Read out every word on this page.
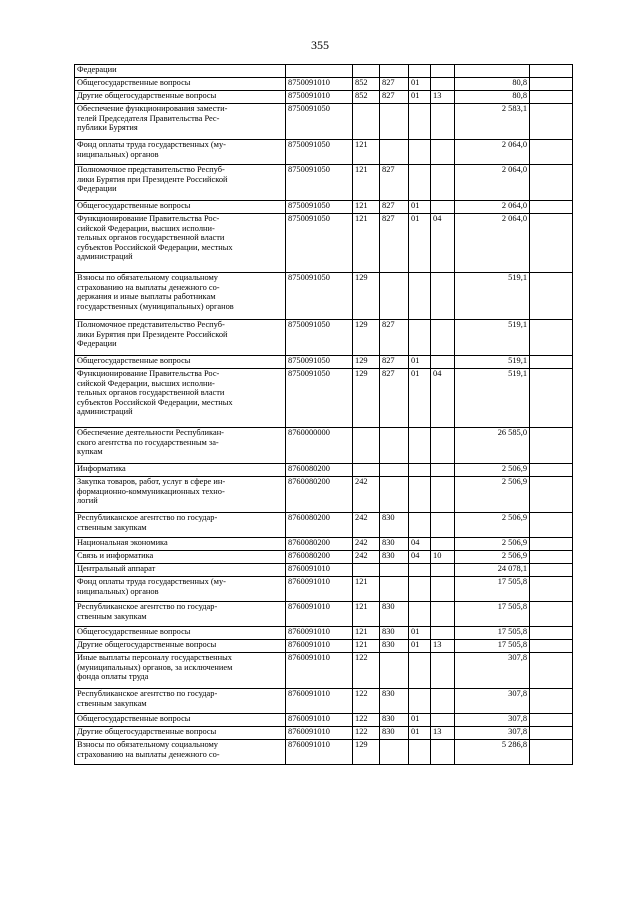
355
Федерации							

Общегосударственные вопросы	8750091010	852	827	01		80,8	

Другие общегосударственные вопросы	8750091010	852	827	01	13	80,8	

Обеспечение функционирования замести-
телей Председателя Правительства Рес-
публики Бурятия	8750091050					2 583,1	

Фонд оплаты труда государственных (му-
ниципальных) органов	8750091050	121				2 064,0	

Полномочное представительство Респуб-
лики Бурятия при Президенте Российской
Федерации	8750091050	121	827			2 064,0	

Общегосударственные вопросы	8750091050	121	827	01		2 064,0	

Функционирование Правительства Рос-
сийской Федерации, высших исполни-
тельных органов государственной власти
субъектов Российской Федерации, местных
администраций	8750091050	121	827	01	04	2 064,0	

Взносы по обязательному социальному
страхованию на выплаты денежного со-
держания и иные выплаты работникам
государственных (муниципальных) органов	8750091050	129				519,1	

Полномочное представительство Респуб-
лики Бурятия при Президенте Российской
Федерации	8750091050	129	827			519,1	

Общегосударственные вопросы	8750091050	129	827	01		519,1	

Функционирование Правительства Рос-
сийской Федерации, высших исполни-
тельных органов государственной власти
субъектов Российской Федерации, местных
администраций	8750091050	129	827	01	04	519,1	

Обеспечение деятельности Республикан-
ского агентства по государственным за-
купкам	8760000000					26 585,0	

Информатика	8760080200					2 506,9	

Закупка товаров, работ, услуг в сфере ин-
формационно-коммуникационных техно-
логий	8760080200	242				2 506,9	

Республиканское агентство по государ-
ственным закупкам	8760080200	242	830			2 506,9	

Национальная экономика	8760080200	242	830	04		2 506,9	

Связь и информатика	8760080200	242	830	04	10	2 506,9	

Центральный аппарат	8760091010					24 078,1	

Фонд оплаты труда государственных (му-
ниципальных) органов	8760091010	121				17 505,8	

Республиканское агентство по государ-
ственным закупкам	8760091010	121	830			17 505,8	

Общегосударственные вопросы	8760091010	121	830	01		17 505,8	

Другие общегосударственные вопросы	8760091010	121	830	01	13	17 505,8	

Иные выплаты персоналу государственных
(муниципальных) органов, за исключением
фонда оплаты труда	8760091010	122				307,8	

Республиканское агентство по государ-
ственным закупкам	8760091010	122	830			307,8	

Общегосударственные вопросы	8760091010	122	830	01		307,8	

Другие общегосударственные вопросы	8760091010	122	830	01	13	307,8	

Взносы по обязательному социальному
страхованию на выплаты денежного со-	8760091010	129				5 286,8	
